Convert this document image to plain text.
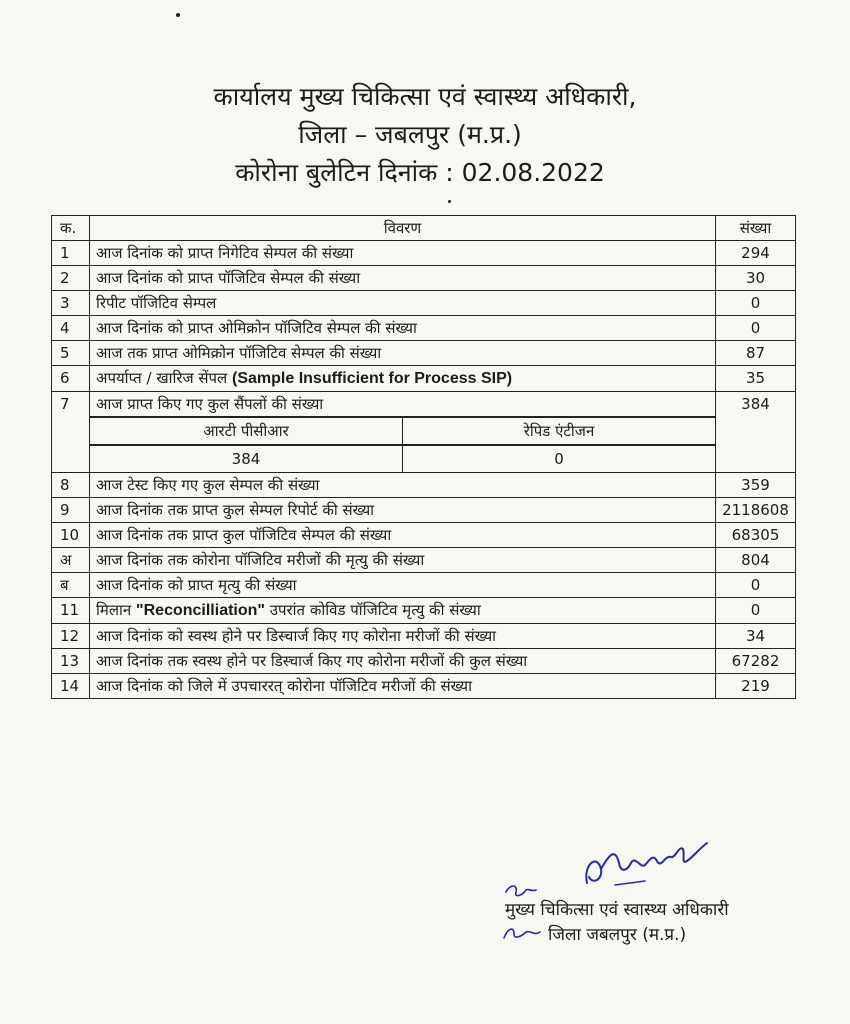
कार्यालय मुख्य चिकित्सा एवं स्वास्थ्य अधिकारी,
जिला – जबलपुर (म.प्र.)
कोरोना बुलेटिन दिनांक : 02.08.2022
क.	विवरण	संख्या
1	आज दिनांक को प्राप्त निगेटिव सेम्पल की संख्या	294
2	आज दिनांक को प्राप्त पॉजिटिव सेम्पल की संख्या	30
3	रिपीट पॉजिटिव सेम्पल	0
4	आज दिनांक को प्राप्त ओमिक्रोन पॉजिटिव सेम्पल की संख्या	0
5	आज तक प्राप्त ओमिक्रोन पॉजिटिव सेम्पल की संख्या	87
6	अपर्याप्त / खारिज सेंपल (Sample Insufficient for Process SIP)	35
7	आज प्राप्त किए गए कुल सैंपलों की संख्या	384

आरटी पीसीआर	रेपिड एंटीजन

384	0

8	आज टेस्ट किए गए कुल सेम्पल की संख्या	359
9	आज दिनांक तक प्राप्त कुल सेम्पल रिपोर्ट की संख्या	2118608
10	आज दिनांक तक प्राप्त कुल पॉजिटिव सेम्पल की संख्या	68305
अ	आज दिनांक तक कोरोना पॉजिटिव मरीजों की मृत्यु की संख्या	804
ब	आज दिनांक को प्राप्त मृत्यु की संख्या	0
11	मिलान "Reconcilliation" उपरांत कोविड पॉजिटिव मृत्यु की संख्या	0
12	आज दिनांक को स्वस्थ होने पर डिस्चार्ज किए गए कोरोना मरीजों की संख्या	34
13	आज दिनांक तक स्वस्थ होने पर डिस्चार्ज किए गए कोरोना मरीजों की कुल संख्या	67282
14	आज दिनांक को जिले में उपचाररत् कोरोना पॉजिटिव मरीजों की संख्या	219
मुख्य चिकित्सा एवं स्वास्थ्य अधिकारी
जिला जबलपुर (म.प्र.)
